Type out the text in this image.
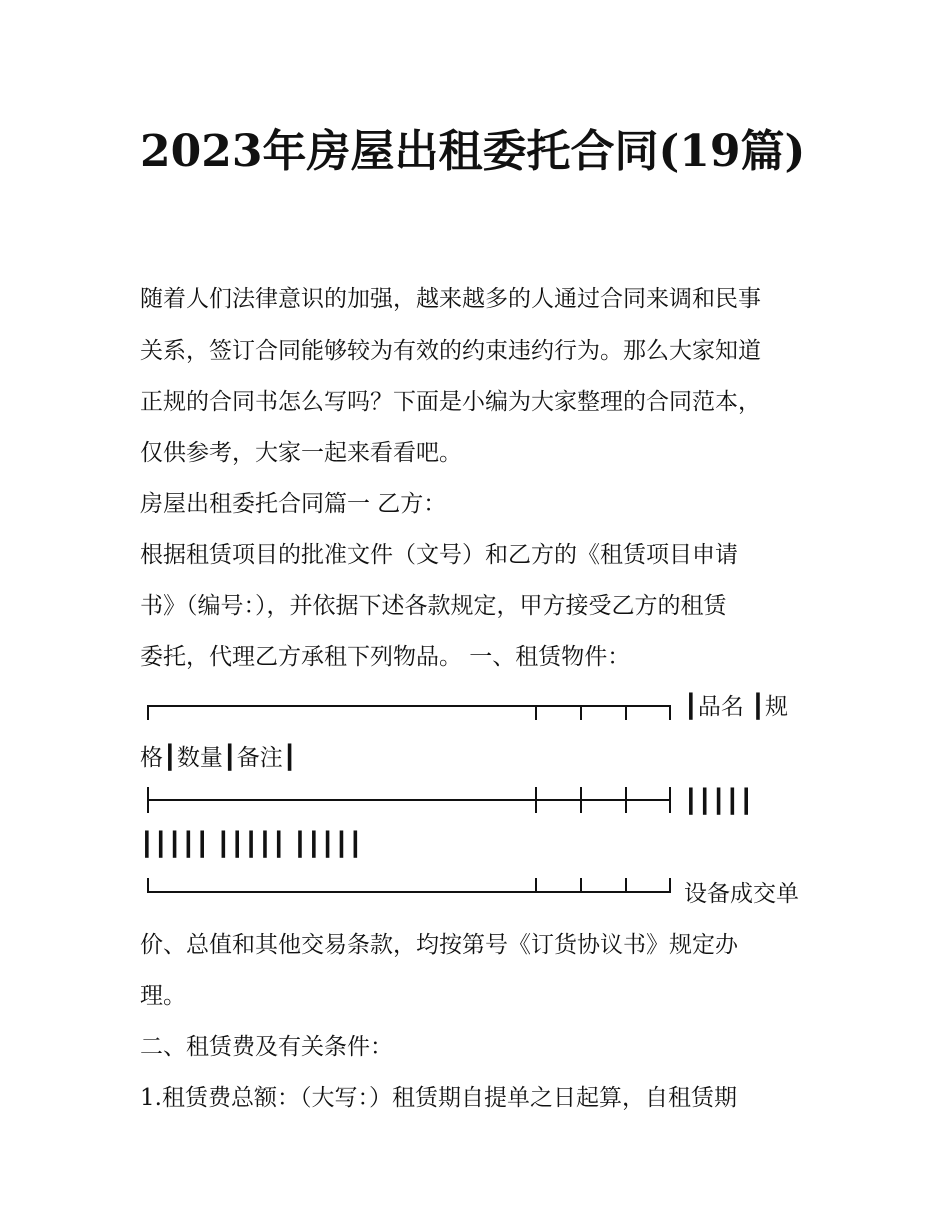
2023年房屋出租委托合同(19篇)
随着人们法律意识的加强，越来越多的人通过合同来调和民事
关系，签订合同能够较为有效的约束违约行为。那么大家知道
正规的合同书怎么写吗？下面是小编为大家整理的合同范本，
仅供参考，大家一起来看看吧。
房屋出租委托合同篇一 乙方：
根据租赁项目的批准文件（文号）和乙方的《租赁项目申请
书》（编号：），并依据下述各款规定，甲方接受乙方的租赁
委托，代理乙方承租下列物品。 一、租赁物件：
┃品名 ┃规
格┃数量┃备注┃
┃┃┃┃┃
┃┃┃┃┃ ┃┃┃┃┃ ┃┃┃┃┃
设备成交单
价、总值和其他交易条款，均按第号《订货协议书》规定办
理。
二、租赁费及有关条件：
1.租赁费总额：（大写：）租赁期自提单之日起算，自租赁期
